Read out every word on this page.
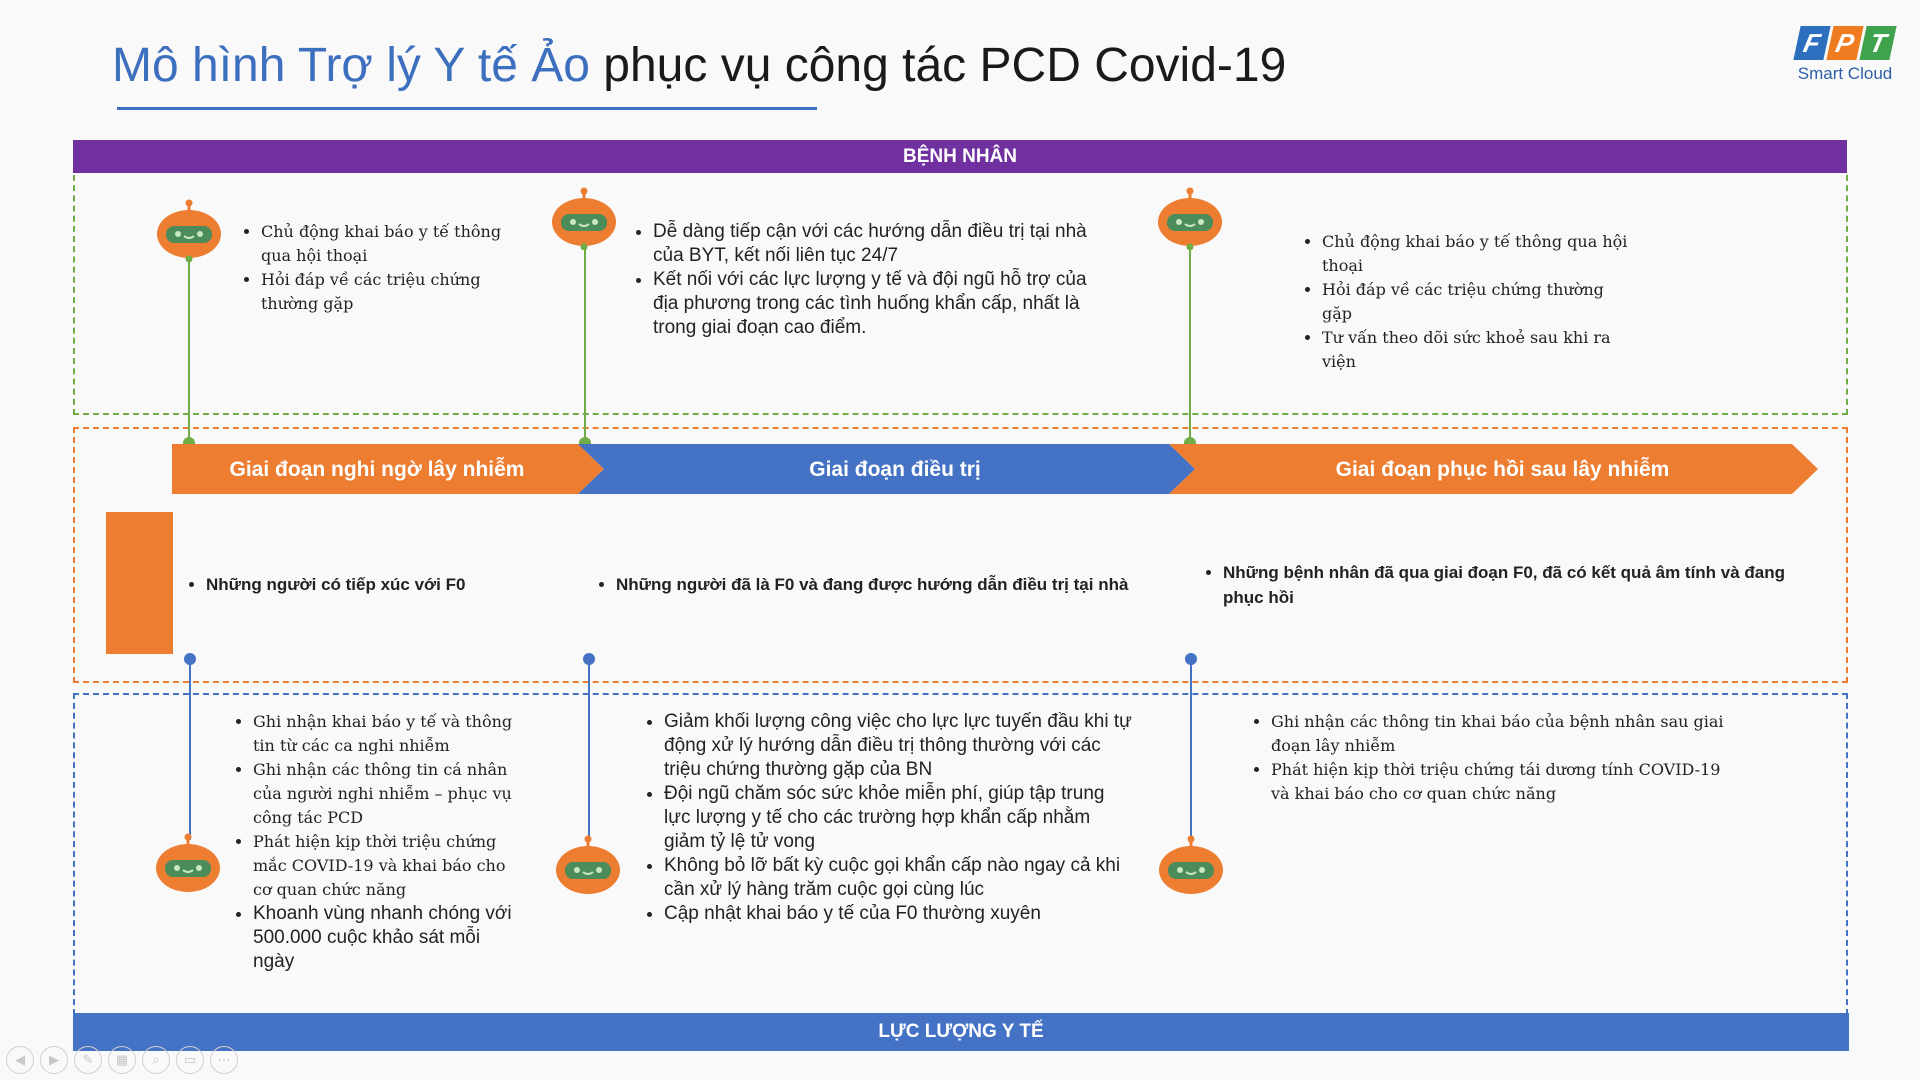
Mô hình Trợ lý Y tế Ảo phục vụ công tác PCD Covid-19	F P T
Smart Cloud
BỆNH NHÂN
Giai đoạn nghi ngờ lây nhiễm	Giai đoạn điều trị	Giai đoạn phục hồi sau lây nhiễm
• Những người có tiếp xúc với F0
•	Những người đã là F0 và đang được hướng dẫn điều trị tại nhà
• Những bệnh nhân đã qua giai đoạn F0, đã có kết quả âm tính và đang phục hồi
• Chủ động khai báo y tế thông qua hội thoại
• Hỏi đáp về các triệu chứng thường gặp
• Dễ dàng tiếp cận với các hướng dẫn điều trị tại nhà của BYT, kết nối liên tục 24/7
• Kết nối với các lực lượng y tế và đội ngũ hỗ trợ của địa phương trong các tình huống khẩn cấp, nhất là trong giai đoạn cao điểm.
• Chủ động khai báo y tế thông qua hội thoại
• Hỏi đáp về các triệu chứng thường gặp
• Tư vấn theo dõi sức khoẻ sau khi ra viện
• Ghi nhận khai báo y tế và thông tin từ các ca nghi nhiễm
• Ghi nhận các thông tin cá nhân của người nghi nhiễm – phục vụ công tác PCD
• Phát hiện kịp thời triệu chứng mắc COVID-19 và khai báo cho cơ quan chức năng
• Khoanh vùng nhanh chóng với 500.000 cuộc khảo sát mỗi ngày
• Giảm khối lượng công việc cho lực lực tuyến đầu khi tự động xử lý hướng dẫn điều trị thông thường với các triệu chứng thường gặp của BN
• Đội ngũ chăm sóc sức khỏe miễn phí, giúp tập trung lực lượng y tế cho các trường hợp khẩn cấp nhằm giảm tỷ lệ tử vong
• Không bỏ lỡ bất kỳ cuộc gọi khẩn cấp nào ngay cả khi cần xử lý hàng trăm cuộc gọi cùng lúc
• Cập nhật khai báo y tế của F0 thường xuyên
• Ghi nhận các thông tin khai báo của bệnh nhân sau giai đoạn lây nhiễm
• Phát hiện kịp thời triệu chứng tái dương tính COVID-19 và khai báo cho cơ quan chức năng
LỰC LƯỢNG Y TẾ
◀	▶	✎	▦	⌕	▭	⋯
